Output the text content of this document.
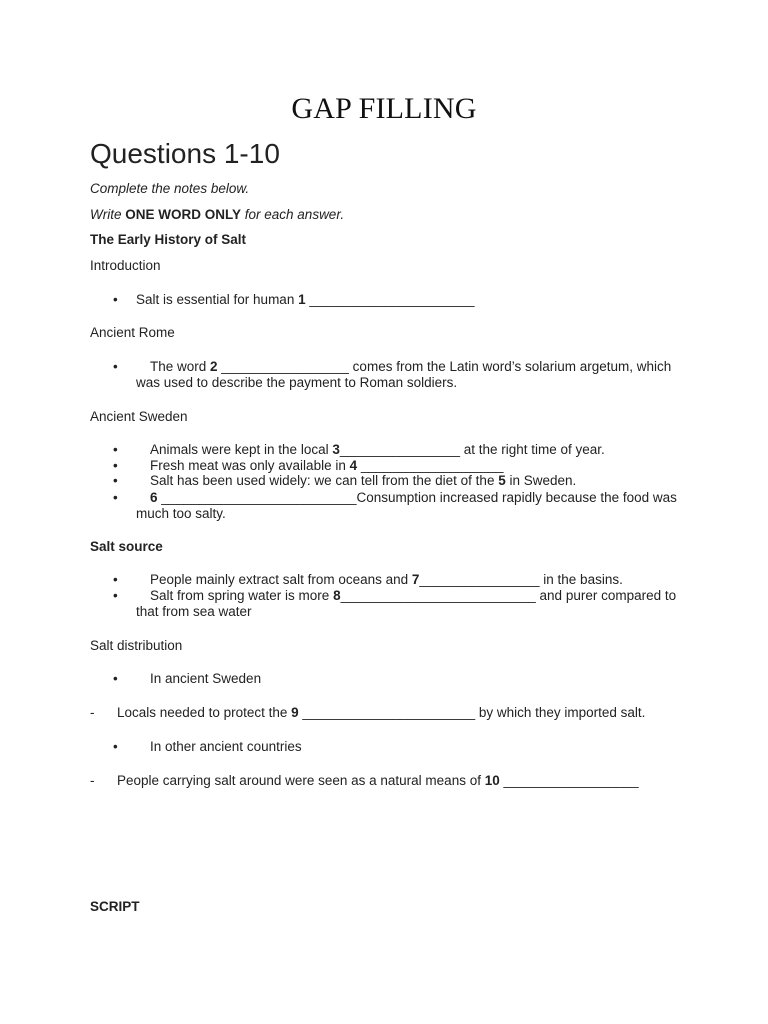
GAP FILLING
Questions 1-10
Complete the notes below.
Write ONE WORD ONLY for each answer.
The Early History of Salt
Introduction
• Salt is essential for human 1 ______________________
Ancient Rome
• The word 2 _________________ comes from the Latin word’s solarium argetum, which
was used to describe the payment to Roman soldiers.
Ancient Sweden
• Animals were kept in the local 3________________ at the right time of year.
• Fresh meat was only available in 4 ___________________
• Salt has been used widely: we can tell from the diet of the 5 in Sweden.
• 6 __________________________Consumption increased rapidly because the food was
much too salty.
Salt source
• People mainly extract salt from oceans and 7________________ in the basins.
• Salt from spring water is more 8__________________________ and purer compared to
that from sea water
Salt distribution
• In ancient Sweden
- Locals needed to protect the 9 _______________________ by which they imported salt.
• In other ancient countries
- People carrying salt around were seen as a natural means of 10 __________________
SCRIPT
